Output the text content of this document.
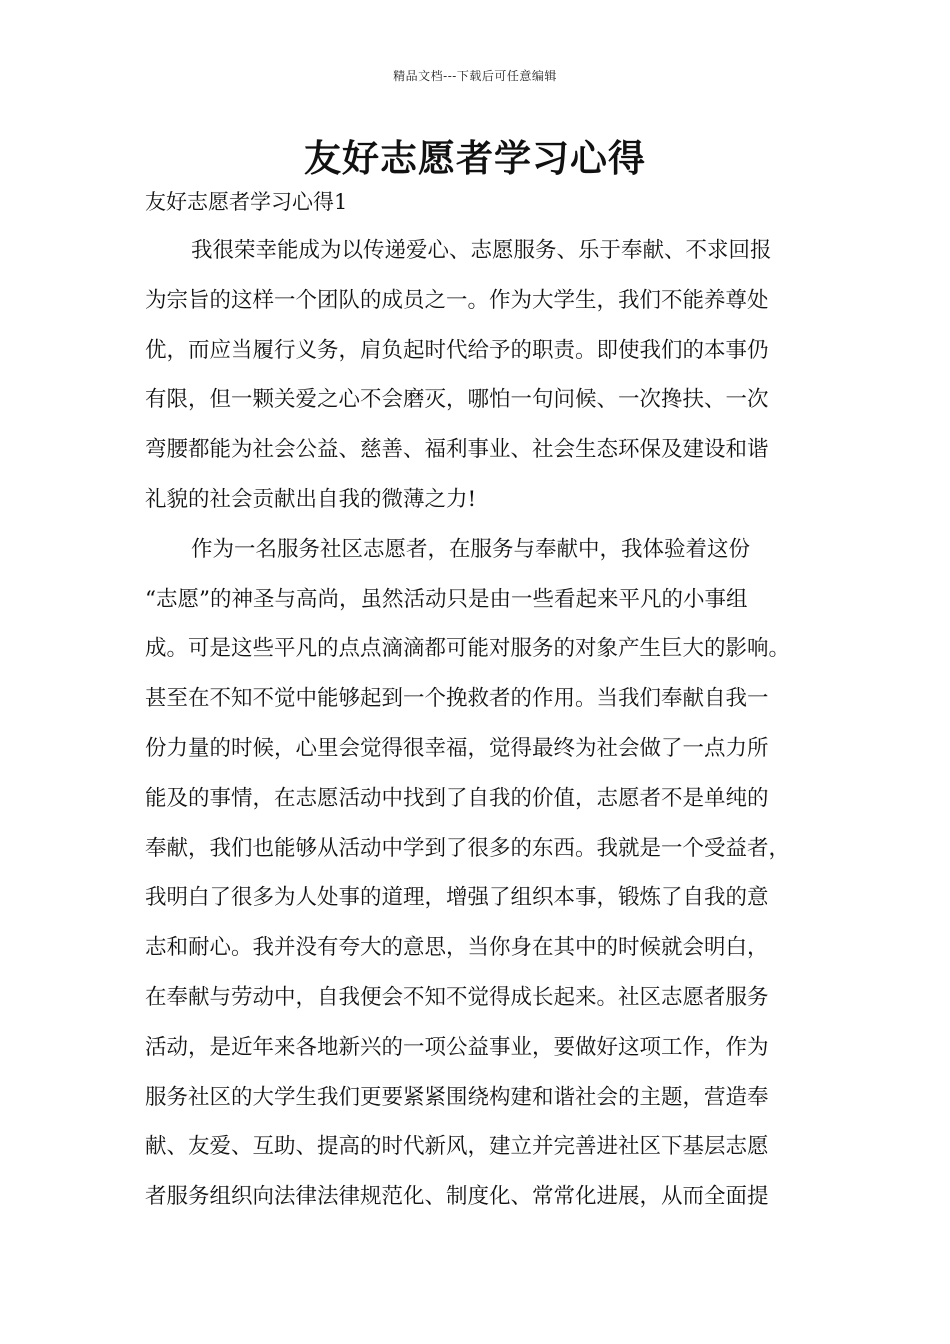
精品文档---下载后可任意编辑
友好志愿者学习心得

友好志愿者学习心得1

我很荣幸能成为以传递爱心、志愿服务、乐于奉献、不求回报
为宗旨的这样一个团队的成员之一。作为大学生，我们不能养尊处
优，而应当履行义务，肩负起时代给予的职责。即使我们的本事仍
有限，但一颗关爱之心不会磨灭，哪怕一句问候、一次搀扶、一次
弯腰都能为社会公益、慈善、福利事业、社会生态环保及建设和谐
礼貌的社会贡献出自我的微薄之力!
作为一名服务社区志愿者，在服务与奉献中，我体验着这份
“志愿”的神圣与高尚，虽然活动只是由一些看起来平凡的小事组
成。可是这些平凡的点点滴滴都可能对服务的对象产生巨大的影响。
甚至在不知不觉中能够起到一个挽救者的作用。当我们奉献自我一
份力量的时候，心里会觉得很幸福，觉得最终为社会做了一点力所
能及的事情，在志愿活动中找到了自我的价值，志愿者不是单纯的
奉献，我们也能够从活动中学到了很多的东西。我就是一个受益者，
我明白了很多为人处事的道理，增强了组织本事，锻炼了自我的意
志和耐心。我并没有夸大的意思，当你身在其中的时候就会明白，
在奉献与劳动中，自我便会不知不觉得成长起来。社区志愿者服务
活动，是近年来各地新兴的一项公益事业，要做好这项工作，作为
服务社区的大学生我们更要紧紧围绕构建和谐社会的主题，营造奉
献、友爱、互助、提高的时代新风，建立并完善进社区下基层志愿
者服务组织向法律法律规范化、制度化、常常化进展，从而全面提
